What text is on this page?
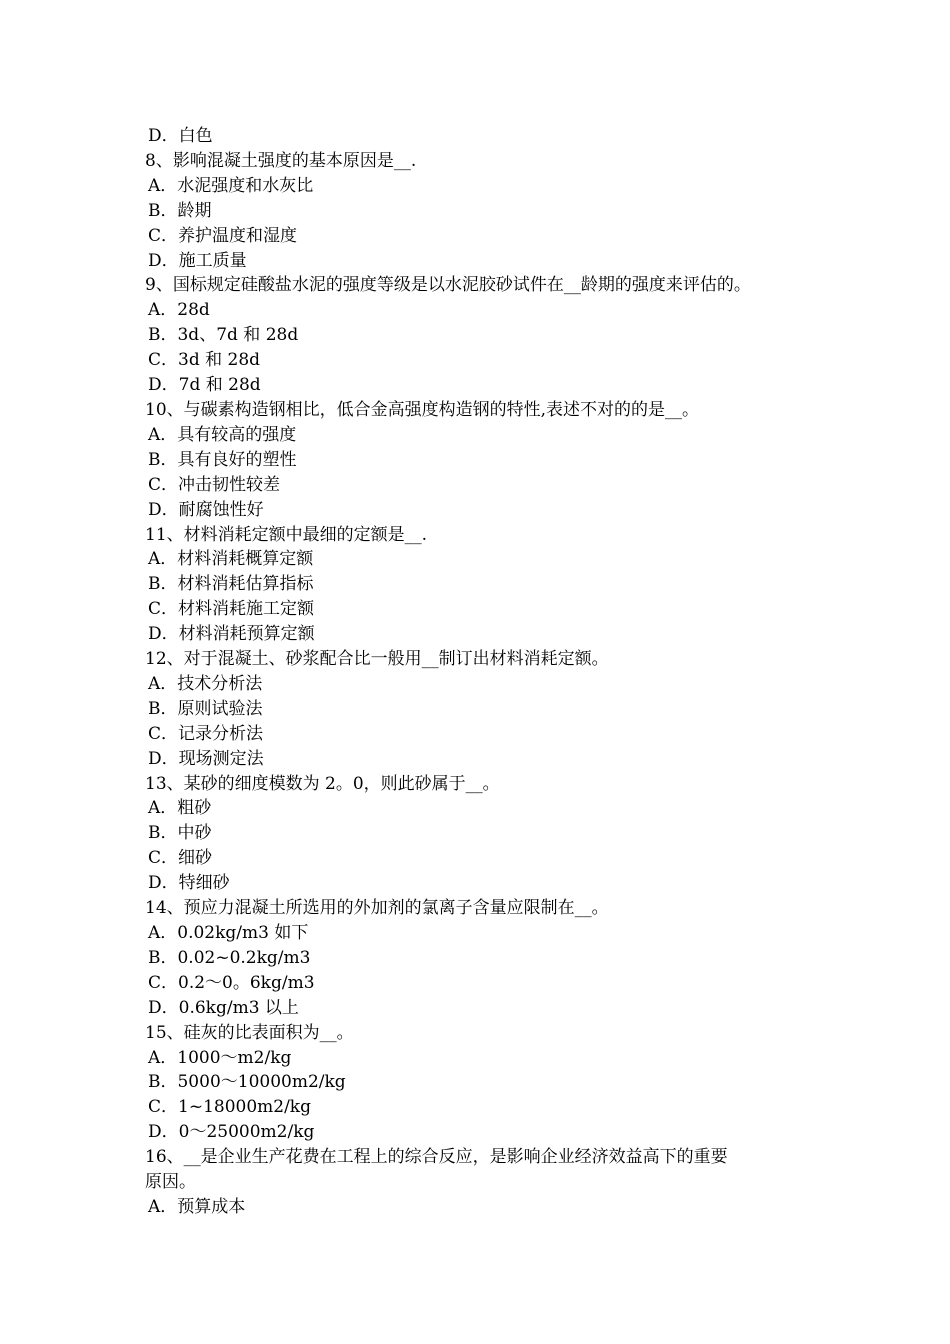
D．白色

8、影响混凝土强度的基本原因是__.

A．水泥强度和水灰比

B．龄期

C．养护温度和湿度

D．施工质量

9、国标规定硅酸盐水泥的强度等级是以水泥胶砂试件在__龄期的强度来评估的。

A．28d

B．3d、7d 和 28d

C．3d 和 28d

D．7d 和 28d

10、与碳素构造钢相比，低合金高强度构造钢的特性,表述不对的的是__。

A．具有较高的强度

B．具有良好的塑性

C．冲击韧性较差

D．耐腐蚀性好

11、材料消耗定额中最细的定额是__.

A．材料消耗概算定额

B．材料消耗估算指标

C．材料消耗施工定额

D．材料消耗预算定额

12、对于混凝土、砂浆配合比一般用__制订出材料消耗定额。

A．技术分析法

B．原则试验法

C．记录分析法

D．现场测定法

13、某砂的细度模数为 2。0，则此砂属于__。

A．粗砂

B．中砂

C．细砂

D．特细砂

14、预应力混凝土所选用的外加剂的氯离子含量应限制在__。

A．0.02kg/m3 如下

B．0.02~0.2kg/m3

C．0.2～0。6kg/m3

D．0.6kg/m3 以上

15、硅灰的比表面积为__。

A．1000～m2/kg

B．5000～10000m2/kg

C．1~18000m2/kg

D．0～25000m2/kg

16、__是企业生产花费在工程上的综合反应，是影响企业经济效益高下的重要

原因。

A．预算成本
